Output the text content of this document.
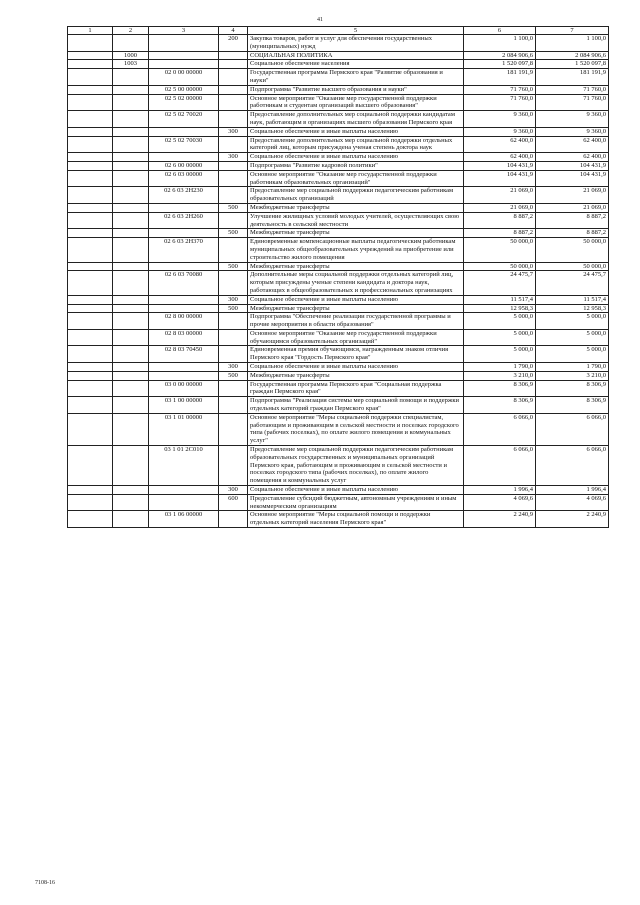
41
1	2	3	4	5	6	7
			200	Закупка товаров, работ и услуг для обеспечения государственных (муниципальных) нужд	1 100,0	1 100,0
	1000			СОЦИАЛЬНАЯ ПОЛИТИКА	2 084 906,6	2 084 906,6
	1003			Социальное обеспечение населения	1 520 097,8	1 520 097,8
		02 0 00 00000		Государственная программа Пермского края "Развитие образования и науки"	181 191,9	181 191,9
		02 5 00 00000		Подпрограмма "Развитие высшего образования и науки"	71 760,0	71 760,0
		02 5 02 00000		Основное мероприятие "Оказание мер государственной поддержки работникам и студентам организаций высшего образования"	71 760,0	71 760,0
		02 5 02 70020		Предоставление дополнительных мер социальной поддержки кандидатам наук, работающим в организациях высшего образования Пермского края	9 360,0	9 360,0
			300	Социальное обеспечение и иные выплаты населению	9 360,0	9 360,0
		02 5 02 70030		Предоставление дополнительных мер социальной поддержки отдельных категорий лиц, которым присуждена ученая степень доктора наук	62 400,0	62 400,0
			300	Социальное обеспечение и иные выплаты населению	62 400,0	62 400,0
		02 6 00 00000		Подпрограмма "Развитие кадровой политики"	104 431,9	104 431,9
		02 6 03 00000		Основное мероприятие "Оказание мер государственной поддержки работникам образовательных организаций"	104 431,9	104 431,9
		02 6 03 2Н230		Предоставление мер социальной поддержки педагогическим работникам образовательных организаций	21 069,0	21 069,0
			500	Межбюджетные трансферты	21 069,0	21 069,0
		02 6 03 2Н260		Улучшение жилищных условий молодых учителей, осуществляющих свою деятельность в сельской местности	8 887,2	8 887,2
			500	Межбюджетные трансферты	8 887,2	8 887,2
		02 6 03 2Н370		Единовременные компенсационные выплаты педагогическим работникам муниципальных общеобразовательных учреждений на приобретение или строительство жилого помещения	50 000,0	50 000,0
			500	Межбюджетные трансферты	50 000,0	50 000,0
		02 6 03 70080		Дополнительные меры социальной поддержки отдельных категорий лиц, которым присуждены ученые степени кандидата и доктора наук, работающих в общеобразовательных и профессиональных организациях	24 475,7	24 475,7
			300	Социальное обеспечение и иные выплаты населению	11 517,4	11 517,4
			500	Межбюджетные трансферты	12 958,3	12 958,3
		02 8 00 00000		Подпрограмма "Обеспечение реализации государственной программы и прочие мероприятия в области образования"	5 000,0	5 000,0
		02 8 03 00000		Основное мероприятие "Оказание мер государственной поддержки обучающимся образовательных организаций"	5 000,0	5 000,0
		02 8 03 70450		Единовременная премия обучающимся, награжденным знаком отличия Пермского края "Гордость Пермского края"	5 000,0	5 000,0
			300	Социальное обеспечение и иные выплаты населению	1 790,0	1 790,0
			500	Межбюджетные трансферты	3 210,0	3 210,0
		03 0 00 00000		Государственная программа Пермского края "Социальная поддержка граждан Пермского края"	8 306,9	8 306,9
		03 1 00 00000		Подпрограмма "Реализация системы мер социальной помощи и поддержки отдельных категорий граждан Пермского края"	8 306,9	8 306,9
		03 1 01 00000		Основное мероприятие "Меры социальной поддержки специалистам, работающим и проживающим в сельской местности и поселках городского типа (рабочих поселках), по оплате жилого помещения и коммунальных услуг"	6 066,0	6 066,0
		03 1 01 2С010		Предоставление мер социальной поддержки педагогическим работникам образовательных государственных и муниципальных организаций Пермского края, работающим и проживающим в сельской местности и поселках городского типа (рабочих поселках), по оплате жилого помещения и коммунальных услуг	6 066,0	6 066,0
			300	Социальное обеспечение и иные выплаты населению	1 996,4	1 996,4
			600	Предоставление субсидий бюджетным, автономным учреждениям и иным некоммерческим организациям	4 069,6	4 069,6
		03 1 06 00000		Основное мероприятие "Меры социальной помощи и поддержки отдельных категорий населения Пермского края"	2 240,9	2 240,9
7108-16
